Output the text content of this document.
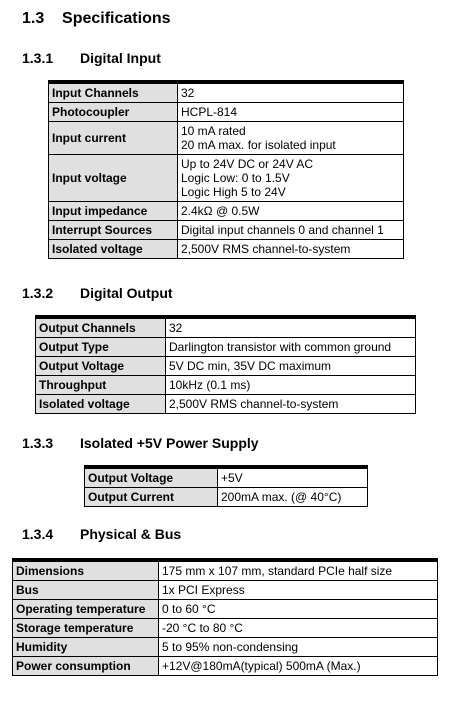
1.3 Specifications
1.3.1 Digital Input
Input Channels	32

Photocoupler	HCPL-814

Input current	10 mA rated
20 mA max. for isolated input

Input voltage	Up to 24V DC or 24V AC
Logic Low: 0 to 1.5V
Logic High 5 to 24V

Input impedance	2.4kΩ @ 0.5W

Interrupt Sources	Digital input channels 0 and channel 1

Isolated voltage	2,500V RMS channel-to-system
1.3.2 Digital Output
Output Channels	32

Output Type	Darlington transistor with common ground

Output Voltage	5V DC min, 35V DC maximum

Throughput	10kHz (0.1 ms)

Isolated voltage	2,500V RMS channel-to-system
1.3.3 Isolated +5V Power Supply
Output Voltage	+5V

Output Current	200mA max. (@ 40°C)
1.3.4 Physical & Bus
Dimensions	175 mm x 107 mm, standard PCIe half size

Bus	1x PCI Express

Operating temperature	0 to 60 °C

Storage temperature	-20 °C to 80 °C

Humidity	5 to 95% non-condensing

Power consumption	+12V@180mA(typical) 500mA (Max.)
